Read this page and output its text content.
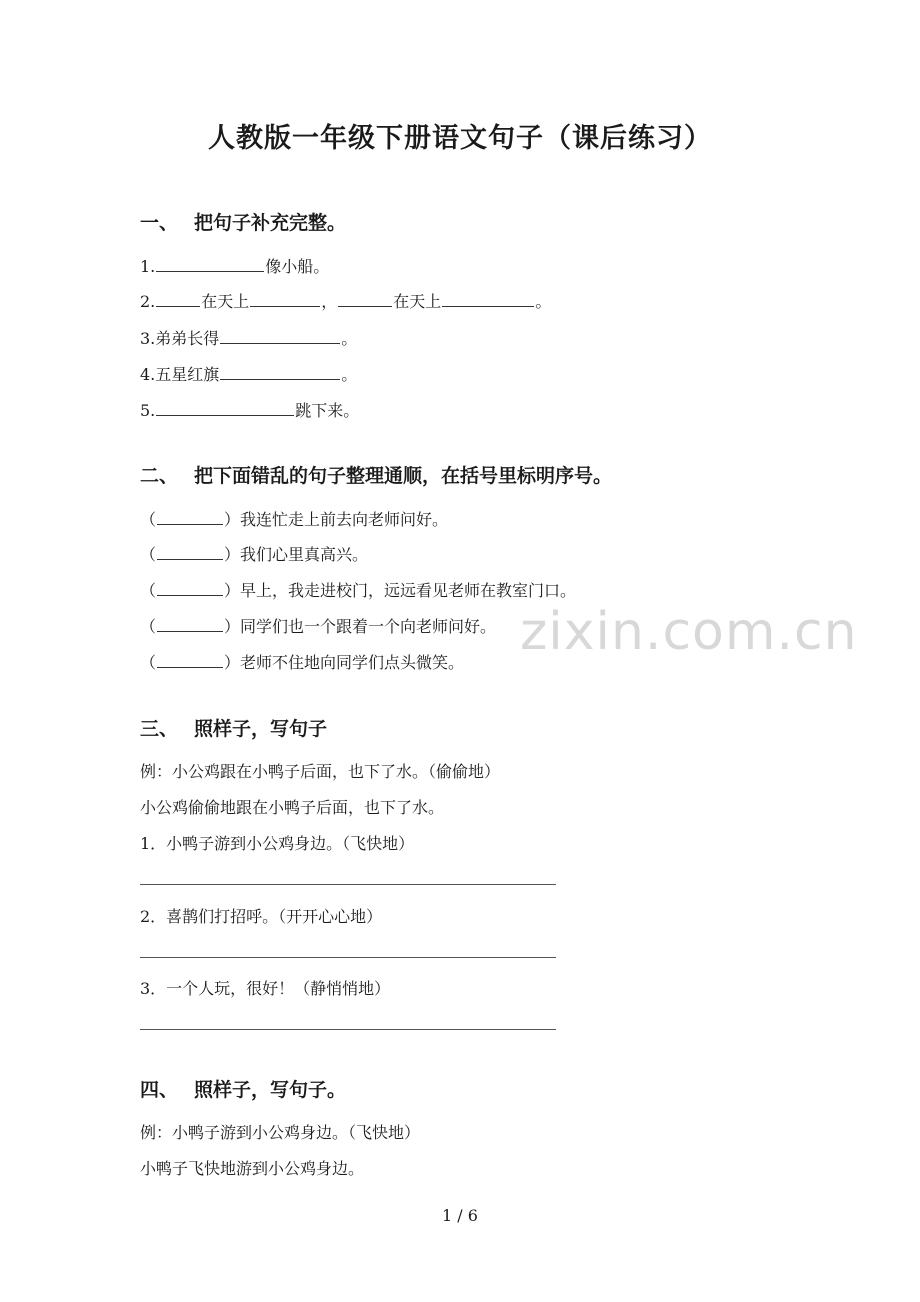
zixin.com.cn
人教版一年级下册语文句子（课后练习）
一、 把句子补充完整。
1.	像小船。
2.	在天上	，	在天上	。
3.弟弟长得	。
4.五星红旗	。
5.	跳下来。
二、 把下面错乱的句子整理通顺，在括号里标明序号。
（	）我连忙走上前去向老师问好。
（	）我们心里真高兴。
（	）早上，我走进校门，远远看见老师在教室门口。
（	）同学们也一个跟着一个向老师问好。
（	）老师不住地向同学们点头微笑。
三、 照样子，写句子
例：小公鸡跟在小鸭子后面，也下了水。（偷偷地）
小公鸡偷偷地跟在小鸭子后面，也下了水。
1．小鸭子游到小公鸡身边。（飞快地）
2．喜鹊们打招呼。（开开心心地）
3．一个人玩，很好！（静悄悄地）
四、 照样子，写句子。
例：小鸭子游到小公鸡身边。（飞快地）
小鸭子飞快地游到小公鸡身边。
1 / 6
